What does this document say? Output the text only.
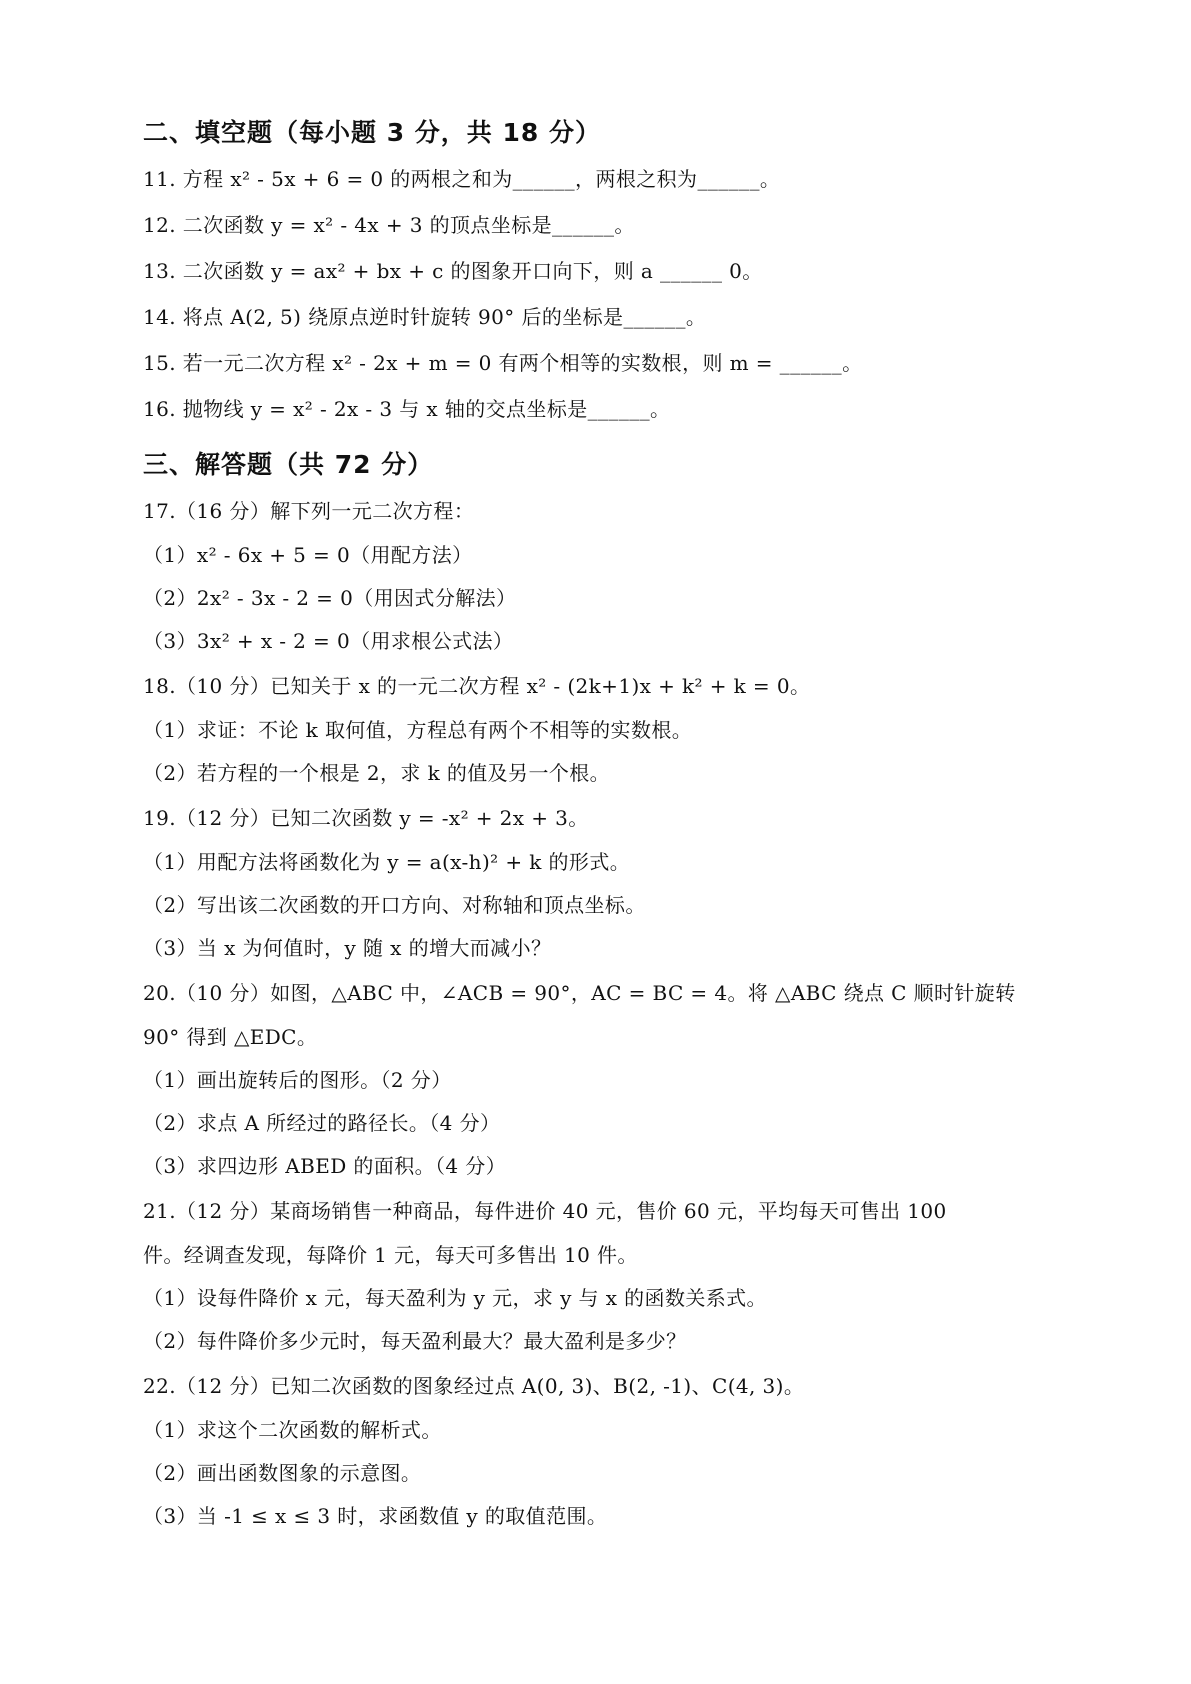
二、填空题（每小题 3 分，共 18 分）

11. 方程 x² - 5x + 6 = 0 的两根之和为______，两根之积为______。

12. 二次函数 y = x² - 4x + 3 的顶点坐标是______。

13. 二次函数 y = ax² + bx + c 的图象开口向下，则 a ______ 0。

14. 将点 A(2, 5) 绕原点逆时针旋转 90° 后的坐标是______。

15. 若一元二次方程 x² - 2x + m = 0 有两个相等的实数根，则 m = ______。

16. 抛物线 y = x² - 2x - 3 与 x 轴的交点坐标是______。

三、解答题（共 72 分）

17.（16 分）解下列一元二次方程：

（1）x² - 6x + 5 = 0（用配方法）

（2）2x² - 3x - 2 = 0（用因式分解法）

（3）3x² + x - 2 = 0（用求根公式法）

18.（10 分）已知关于 x 的一元二次方程 x² - (2k+1)x + k² + k = 0。

（1）求证：不论 k 取何值，方程总有两个不相等的实数根。

（2）若方程的一个根是 2，求 k 的值及另一个根。

19.（12 分）已知二次函数 y = -x² + 2x + 3。

（1）用配方法将函数化为 y = a(x-h)² + k 的形式。

（2）写出该二次函数的开口方向、对称轴和顶点坐标。

（3）当 x 为何值时，y 随 x 的增大而减小？

20.（10 分）如图，△ABC 中，∠ACB = 90°，AC = BC = 4。将 △ABC 绕点 C 顺时针旋转

90° 得到 △EDC。

（1）画出旋转后的图形。（2 分）

（2）求点 A 所经过的路径长。（4 分）

（3）求四边形 ABED 的面积。（4 分）

21.（12 分）某商场销售一种商品，每件进价 40 元，售价 60 元，平均每天可售出 100

件。经调查发现，每降价 1 元，每天可多售出 10 件。

（1）设每件降价 x 元，每天盈利为 y 元，求 y 与 x 的函数关系式。

（2）每件降价多少元时，每天盈利最大？最大盈利是多少？

22.（12 分）已知二次函数的图象经过点 A(0, 3)、B(2, -1)、C(4, 3)。

（1）求这个二次函数的解析式。

（2）画出函数图象的示意图。

（3）当 -1 ≤ x ≤ 3 时，求函数值 y 的取值范围。
